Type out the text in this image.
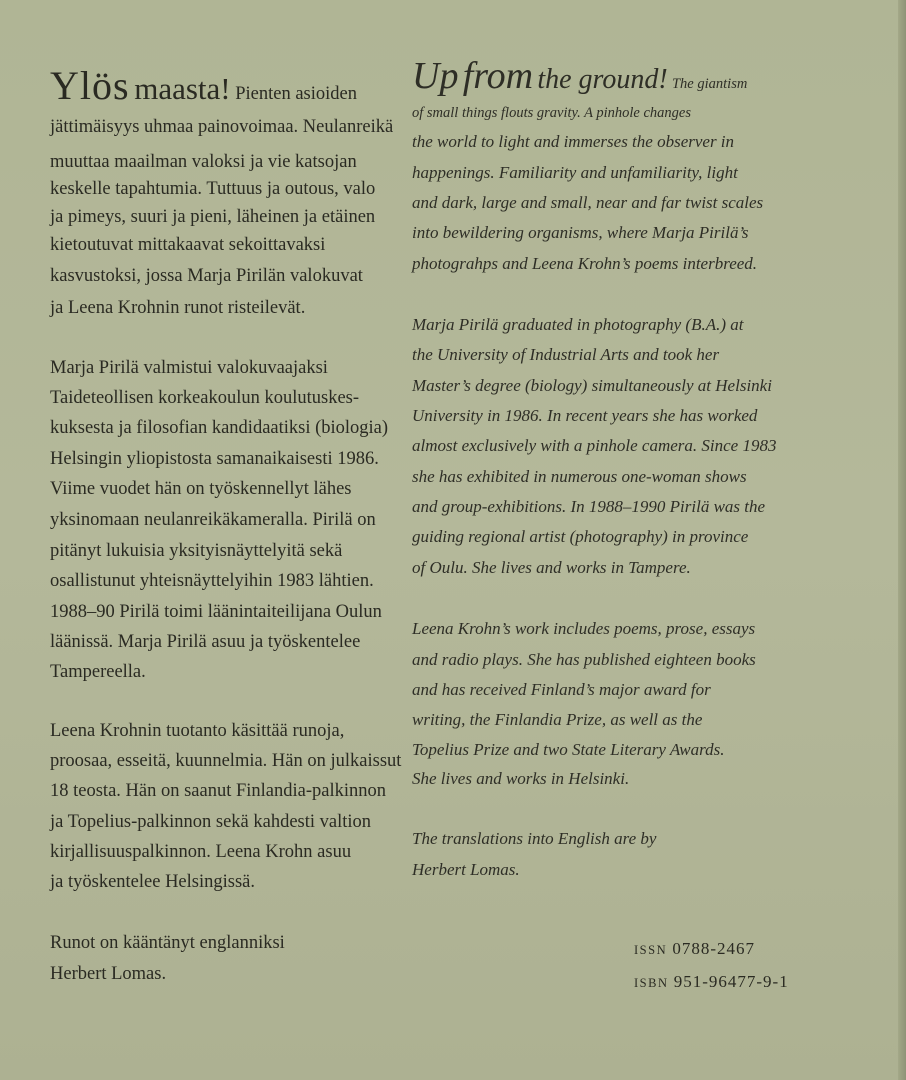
Ylös maasta! Pienten asioiden
jättimäisyys uhmaa painovoimaa. Neulanreikä
muuttaa maailman valoksi ja vie katsojan
keskelle tapahtumia. Tuttuus ja outous, valo
ja pimeys, suuri ja pieni, läheinen ja etäinen
kietoutuvat mittakaavat sekoittavaksi
kasvustoksi, jossa Marja Pirilän valokuvat
ja Leena Krohnin runot risteilevät.
Marja Pirilä valmistui valokuvaajaksi
Taideteollisen korkeakoulun koulutuskes-
kuksesta ja filosofian kandidaatiksi (biologia)
Helsingin yliopistosta samanaikaisesti 1986.
Viime vuodet hän on työskennellyt lähes
yksinomaan neulanreikäkameralla. Pirilä on
pitänyt lukuisia yksityisnäyttelyitä sekä
osallistunut yhteisnäyttelyihin 1983 lähtien.
1988–90 Pirilä toimi läänintaiteilijana Oulun
läänissä. Marja Pirilä asuu ja työskentelee
Tampereella.
Leena Krohnin tuotanto käsittää runoja,
proosaa, esseitä, kuunnelmia. Hän on julkaissut
18 teosta. Hän on saanut Finlandia-palkinnon
ja Topelius-palkinnon sekä kahdesti valtion
kirjallisuuspalkinnon. Leena Krohn asuu
ja työskentelee Helsingissä.
Runot on kääntänyt englanniksi
Herbert Lomas.
Up from the ground! The giantism
of small things flouts gravity. A pinhole changes
the world to light and immerses the observer in
happenings. Familiarity and unfamiliarity, light
and dark, large and small, near and far twist scales
into bewildering organisms, where Marja Pirilä’s
photograhps and Leena Krohn’s poems interbreed.
Marja Pirilä graduated in photography (B.A.) at
the University of Industrial Arts and took her
Master’s degree (biology) simultaneously at Helsinki
University in 1986. In recent years she has worked
almost exclusively with a pinhole camera. Since 1983
she has exhibited in numerous one-woman shows
and group-exhibitions. In 1988–1990 Pirilä was the
guiding regional artist (photography) in province
of Oulu. She lives and works in Tampere.
Leena Krohn’s work includes poems, prose, essays
and radio plays. She has published eighteen books
and has received Finland’s major award for
writing, the Finlandia Prize, as well as the
Topelius Prize and two State Literary Awards.
She lives and works in Helsinki.
The translations into English are by
Herbert Lomas.
ISSN 0788-2467
ISBN 951-96477-9-1
